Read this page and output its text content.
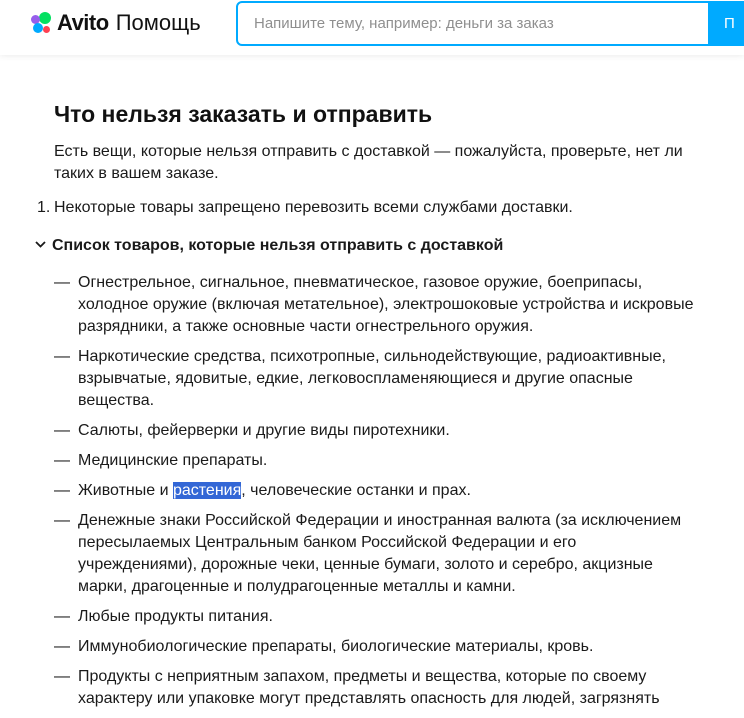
Avito Помощь
Напишите тему, например: деньги за заказ	П
Что нельзя заказать и отправить

Есть вещи, которые нельзя отправить с доставкой — пожалуйста, проверьте, нет ли таких в вашем заказе.

1. Некоторые товары запрещено перевозить всеми службами доставки.
Список товаров, которые нельзя отправить с доставкой
— Огнестрельное, сигнальное, пневматическое, газовое оружие, боеприпасы, холодное оружие (включая метательное), электрошоковые устройства и искровые разрядники, а также основные части огнестрельного оружия.
— Наркотические средства, психотропные, сильнодействующие, радиоактивные, взрывчатые, ядовитые, едкие, легковоспламеняющиеся и другие опасные вещества.
— Салюты, фейерверки и другие виды пиротехники.
— Медицинские препараты.
— Животные и растения, человеческие останки и прах.
— Денежные знаки Российской Федерации и иностранная валюта (за исключением пересылаемых Центральным банком Российской Федерации и его учреждениями), дорожные чеки, ценные бумаги, золото и серебро, акцизные марки, драгоценные и полудрагоценные металлы и камни.
— Любые продукты питания.
— Иммунобиологические препараты, биологические материалы, кровь.
— Продукты с неприятным запахом, предметы и вещества, которые по своему характеру или упаковке могут представлять опасность для людей, загрязнять
